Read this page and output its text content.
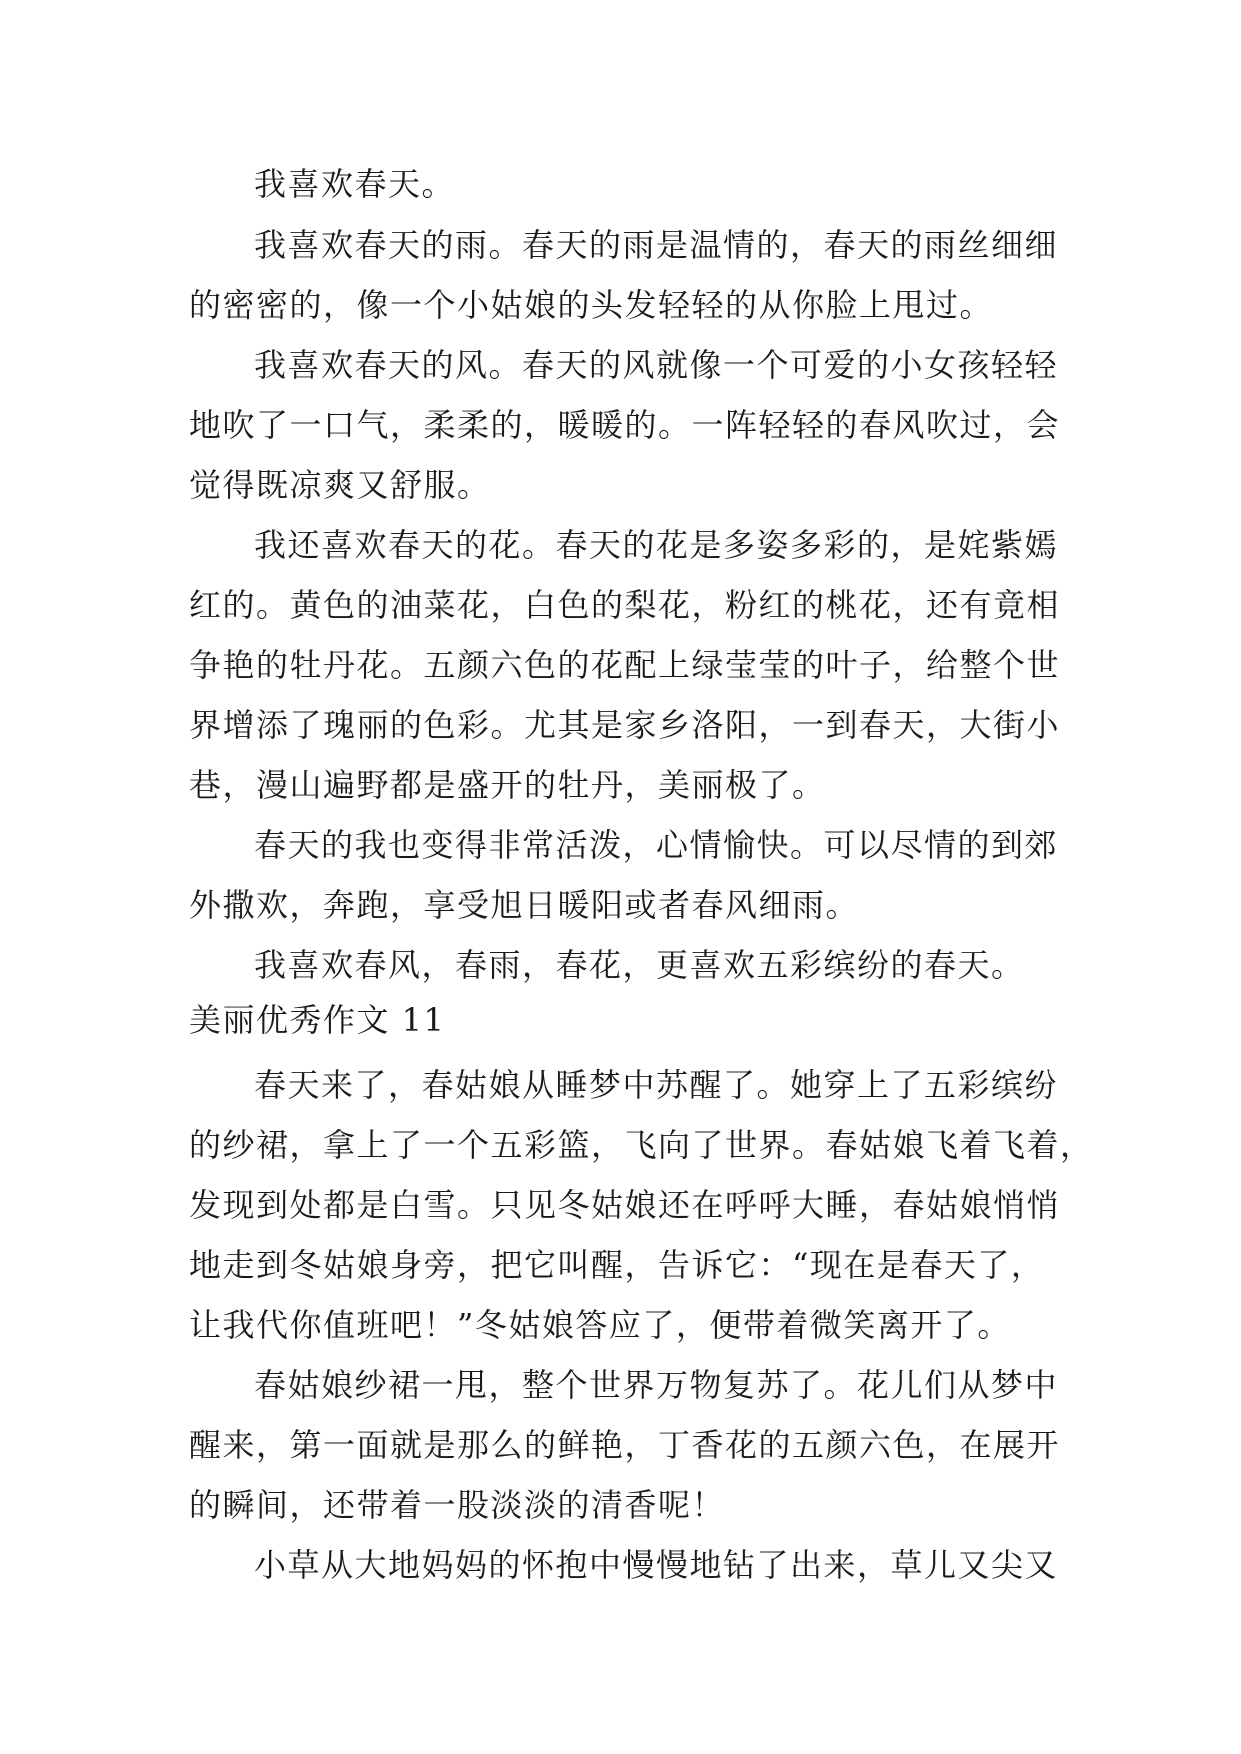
我喜欢春天。

我喜欢春天的雨。春天的雨是温情的，春天的雨丝细细

的密密的，像一个小姑娘的头发轻轻的从你脸上甩过。

我喜欢春天的风。春天的风就像一个可爱的小女孩轻轻

地吹了一口气，柔柔的，暖暖的。一阵轻轻的春风吹过，会

觉得既凉爽又舒服。

我还喜欢春天的花。春天的花是多姿多彩的，是姹紫嫣

红的。黄色的油菜花，白色的梨花，粉红的桃花，还有竟相

争艳的牡丹花。五颜六色的花配上绿莹莹的叶子，给整个世

界增添了瑰丽的色彩。尤其是家乡洛阳，一到春天，大街小

巷，漫山遍野都是盛开的牡丹，美丽极了。

春天的我也变得非常活泼，心情愉快。可以尽情的到郊

外撒欢，奔跑，享受旭日暖阳或者春风细雨。

我喜欢春风，春雨，春花，更喜欢五彩缤纷的春天。

美丽优秀作文 11

春天来了，春姑娘从睡梦中苏醒了。她穿上了五彩缤纷

的纱裙，拿上了一个五彩篮，飞向了世界。春姑娘飞着飞着，

发现到处都是白雪。只见冬姑娘还在呼呼大睡，春姑娘悄悄

地走到冬姑娘身旁，把它叫醒，告诉它：“现在是春天了，

让我代你值班吧！”冬姑娘答应了，便带着微笑离开了。

春姑娘纱裙一甩，整个世界万物复苏了。花儿们从梦中

醒来，第一面就是那么的鲜艳，丁香花的五颜六色，在展开

的瞬间，还带着一股淡淡的清香呢！

小草从大地妈妈的怀抱中慢慢地钻了出来，草儿又尖又
